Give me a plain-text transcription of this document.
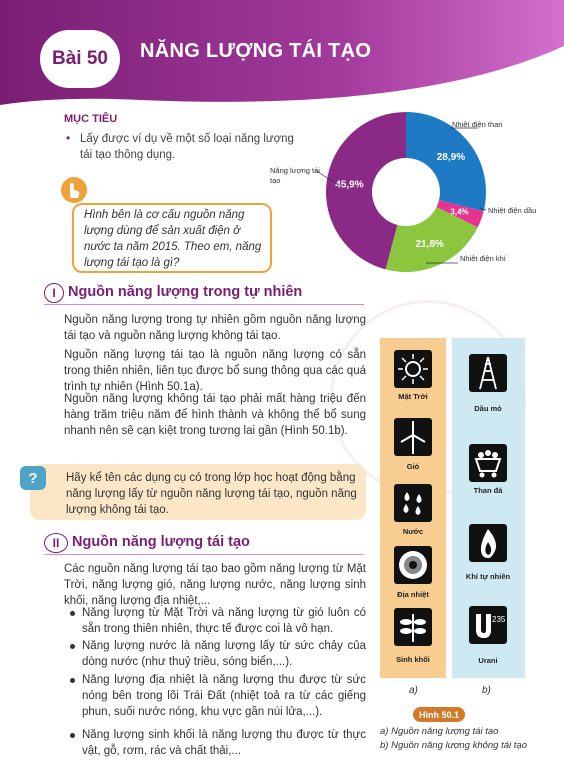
Bài 50	NĂNG LƯỢNG TÁI TẠO
MỤC TIÊU
• Lấy được ví dụ về một số loại năng lượng tái tạo thông dụng.
Hình bên là cơ cấu nguồn năng lượng dùng để sản xuất điện ở nước ta năm 2015. Theo em, năng lượng tái tạo là gì?
28,9%
3,4%
21,8%
45,9%
Nhiệt điện than
Nhiệt điện dầu
Nhiệt điện khí
Năng lượng tái tạo
I Nguồn năng lượng trong tự nhiên
Nguồn năng lượng trong tự nhiên gồm nguồn năng lượng tái tạo và nguồn năng lượng không tái tạo.
Nguồn năng lượng tái tạo là nguồn năng lượng có sẵn trong thiên nhiên, liên tục được bổ sung thông qua các quá trình tự nhiên (Hình 50.1a).
Nguồn năng lượng không tái tạo phải mất hàng triệu đến hàng trăm triệu năm để hình thành và không thể bổ sung nhanh nên sẽ cạn kiệt trong tương lai gần (Hình 50.1b).
?	Hãy kể tên các dụng cụ có trong lớp học hoạt động bằng năng lượng lấy từ nguồn năng lượng tái tạo, nguồn năng lượng không tái tạo.
II Nguồn năng lượng tái tạo
Các nguồn năng lượng tái tạo bao gồm năng lượng từ Mặt Trời, năng lượng gió, năng lượng nước, năng lượng sinh khối, năng lượng địa nhiệt,...
Năng lượng từ Mặt Trời và năng lượng từ gió luôn có sẵn trong thiên nhiên, thực tế được coi là vô hạn.
Năng lượng nước là năng lượng lấy từ sức chảy của dòng nước (như thuỷ triều, sóng biển,...).
Năng lượng địa nhiệt là năng lượng thu được từ sức nóng bên trong lõi Trái Đất (nhiệt toả ra từ các giếng phun, suối nước nóng, khu vực gần núi lửa,...).
Năng lượng sinh khối là năng lượng thu được từ thực vật, gỗ, rơm, rác và chất thải,...
Mặt Trời
Gió
Nước
Địa nhiệt
Sinh khối
Dầu mỏ
Than đá
Khí tự nhiên
235
Urani
a)	b)
Hình 50.1
a) Nguồn năng lượng tái tạo
b) Nguồn năng lượng không tái tạo
